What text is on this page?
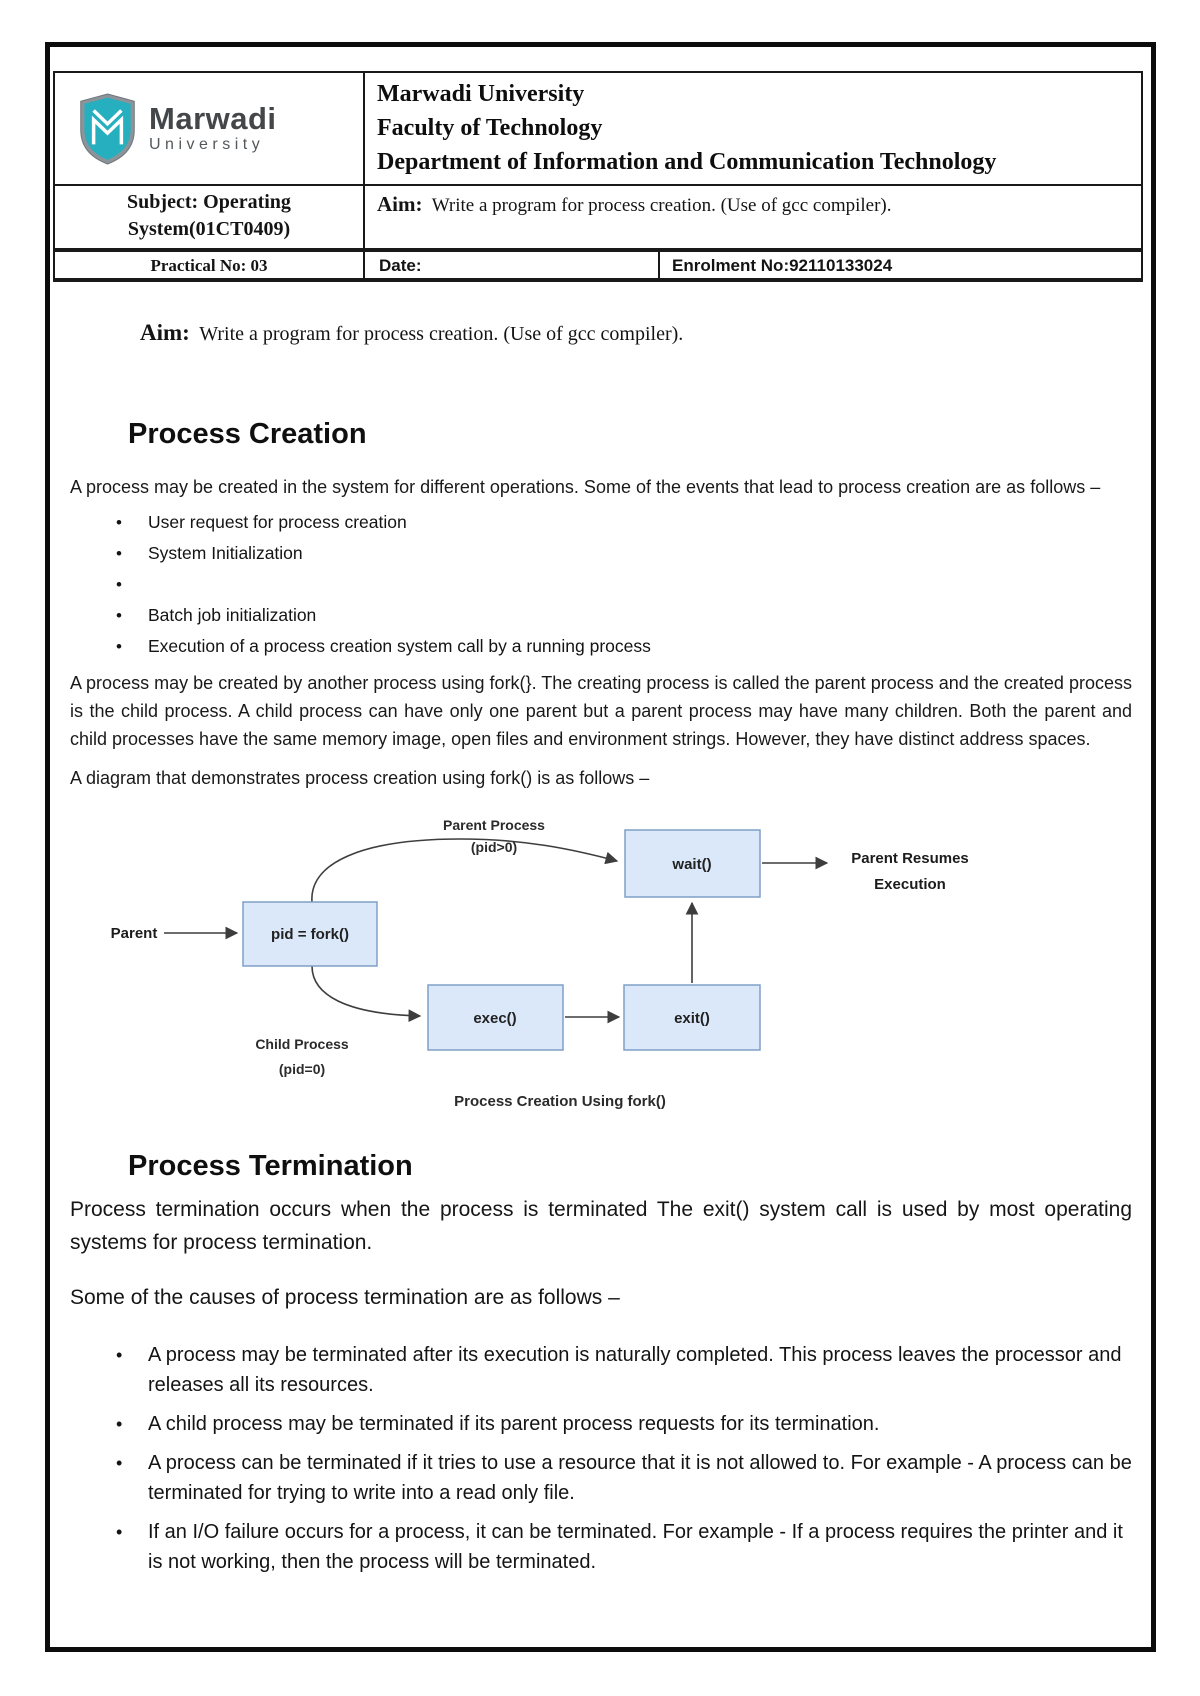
Marwadi
University
Marwadi University
Faculty of Technology
Department of Information and Communication Technology
Subject: Operating
System(01CT0409)
Aim: Write a program for process creation. (Use of gcc compiler).
Practical No: 03	Date:	Enrolment No:92110133024
Aim: Write a program for process creation. (Use of gcc compiler).
Process Creation

A process may be created in the system for different operations. Some of the events that lead to process creation are as follows –

• User request for process creation
• System Initialization
•
• Batch job initialization
• Execution of a process creation system call by a running process

A process may be created by another process using fork(}. The creating process is called the parent process and the created process is the child process. A child process can have only one parent but a parent process may have many children. Both the parent and child processes have the same memory image, open files and environment strings. However, they have distinct address spaces.

A diagram that demonstrates process creation using fork() is as follows –

pid = fork()
wait()
exec()	exit()
Parent
Parent Process
(pid>0)
Parent Resumes
Execution
Child Process
(pid=0)
Process Creation Using fork()
Process Termination

Process termination occurs when the process is terminated The exit() system call is used by most operating systems for process termination.

Some of the causes of process termination are as follows –

• A process may be terminated after its execution is naturally completed. This process leaves the processor and releases all its resources.
• A child process may be terminated if its parent process requests for its termination.
• A process can be terminated if it tries to use a resource that it is not allowed to. For example - A process can be terminated for trying to write into a read only file.
• If an I/O failure occurs for a process, it can be terminated. For example - If a process requires the printer and it is not working, then the process will be terminated.
